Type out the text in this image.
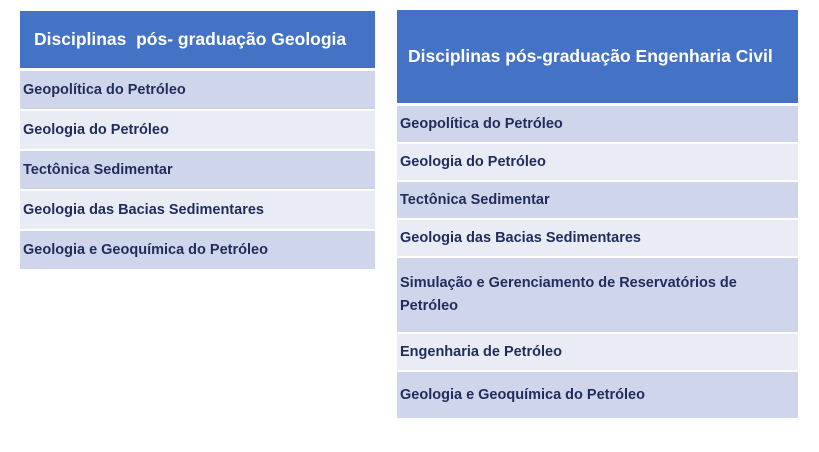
Disciplinas  pós- graduação Geologia
Geopolítica do Petróleo
Geologia do Petróleo
Tectônica Sedimentar
Geologia das Bacias Sedimentares
Geologia e Geoquímica do Petróleo
Disciplinas pós-graduação Engenharia Civil
Geopolítica do Petróleo
Geologia do Petróleo
Tectônica Sedimentar
Geologia das Bacias Sedimentares
Simulação e Gerenciamento de Reservatórios de Petróleo
Engenharia de Petróleo
Geologia e Geoquímica do Petróleo
